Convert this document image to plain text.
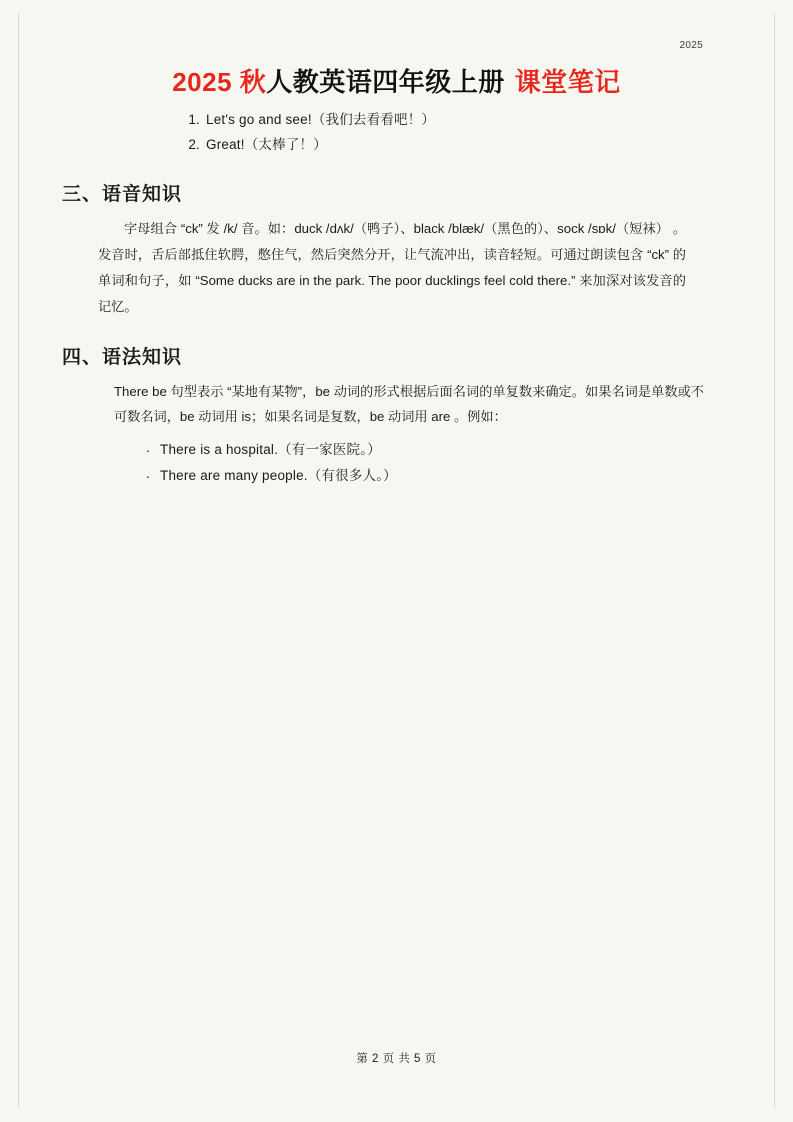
2025
2025 秋人教英语四年级上册 课堂笔记
Let's go and see!（我们去看看吧！）
Great!（太棒了！）
三、语音知识
字母组合 “ck” 发 /k/ 音。如：duck /dʌk/（鸭子）、black /blæk/（黑色的）、sock /sɒk/（短袜） 。发音时，舌后部抵住软腭，憋住气，然后突然分开，让气流冲出，读音轻短。可通过朗读包含 “ck” 的单词和句子，如 “Some ducks are in the park. The poor ducklings feel cold there.” 来加深对该发音的记忆。
四、语法知识
There be 句型表示 “某地有某物”，be 动词的形式根据后面名词的单复数来确定。如果名词是单数或不可数名词，be 动词用 is；如果名词是复数，be 动词用 are 。例如：
. There is a hospital.（有一家医院。）
. There are many people.（有很多人。）
第 2 页 共 5 页
